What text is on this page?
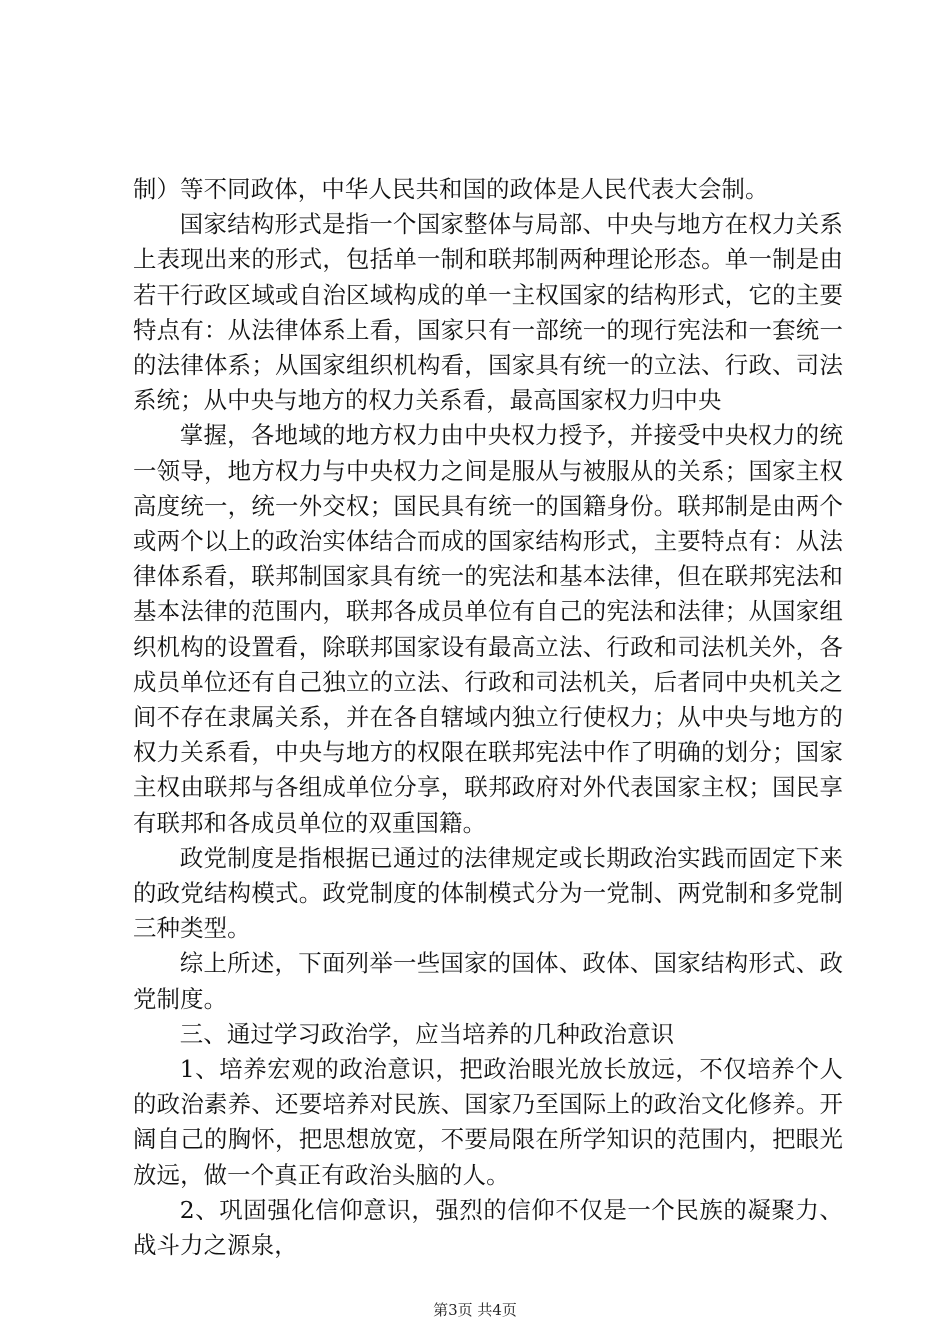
制）等不同政体，中华人民共和国的政体是人民代表大会制。

国家结构形式是指一个国家整体与局部、中央与地方在权力关系上表现出来的形式，包括单一制和联邦制两种理论形态。单一制是由若干行政区域或自治区域构成的单一主权国家的结构形式，它的主要特点有：从法律体系上看，国家只有一部统一的现行宪法和一套统一的法律体系；从国家组织机构看，国家具有统一的立法、行政、司法系统；从中央与地方的权力关系看，最高国家权力归中央

掌握，各地域的地方权力由中央权力授予，并接受中央权力的统一领导，地方权力与中央权力之间是服从与被服从的关系；国家主权高度统一，统一外交权；国民具有统一的国籍身份。联邦制是由两个或两个以上的政治实体结合而成的国家结构形式，主要特点有：从法律体系看，联邦制国家具有统一的宪法和基本法律，但在联邦宪法和基本法律的范围内，联邦各成员单位有自己的宪法和法律；从国家组织机构的设置看，除联邦国家设有最高立法、行政和司法机关外，各成员单位还有自己独立的立法、行政和司法机关，后者同中央机关之间不存在隶属关系，并在各自辖域内独立行使权力；从中央与地方的权力关系看，中央与地方的权限在联邦宪法中作了明确的划分；国家主权由联邦与各组成单位分享，联邦政府对外代表国家主权；国民享有联邦和各成员单位的双重国籍。

政党制度是指根据已通过的法律规定或长期政治实践而固定下来的政党结构模式。政党制度的体制模式分为一党制、两党制和多党制三种类型。

综上所述，下面列举一些国家的国体、政体、国家结构形式、政党制度。

三、通过学习政治学，应当培养的几种政治意识

1、培养宏观的政治意识，把政治眼光放长放远，不仅培养个人的政治素养、还要培养对民族、国家乃至国际上的政治文化修养。开阔自己的胸怀，把思想放宽，不要局限在所学知识的范围内，把眼光放远，做一个真正有政治头脑的人。

2、巩固强化信仰意识，强烈的信仰不仅是一个民族的凝聚力、战斗力之源泉，

第3页 共4页
